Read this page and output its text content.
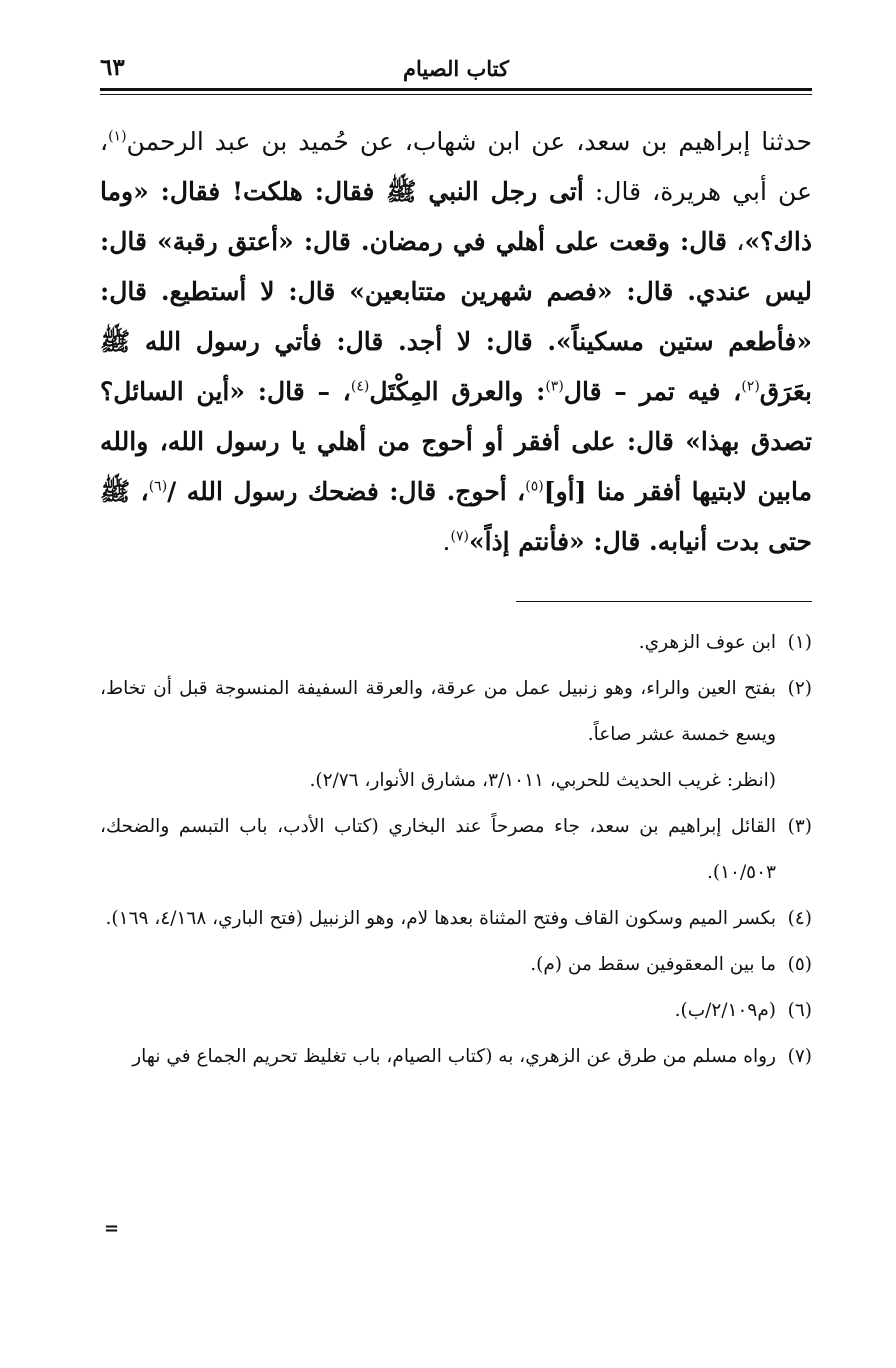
كتاب الصيام
٦٣

حدثنا إبراهيم بن سعد، عن ابن شهاب، عن حُميد بن عبد الرحمن$^{(١)}$، عن أبي هريرة، قال: أتى رجل النبي ﷺ فقال: هلكت! فقال: «وما ذاك؟»، قال: وقعت على أهلي في رمضان. قال: «أعتق رقبة» قال: ليس عندي. قال: «فصم شهرين متتابعين» قال: لا أستطيع. قال: «فأطعم ستين مسكيناً». قال: لا أجد. قال: فأتي رسول الله ﷺ بعَرَق$^{(٢)}$، فيه تمر – قال$^{(٣)}$: والعرق المِكْتَل$^{(٤)}$، – قال: «أين السائل؟ تصدق بهذا» قال: على أفقر أو أحوج من أهلي يا رسول الله، والله مابين لابتيها أفقر منا [أو]$^{(٥)}$، أحوج. قال: فضحك رسول الله /$^{(٦)}$، ﷺ حتى بدت أنيابه. قال: «فأنتم إذاً»$^{(٧)}$.

(١)
ابن عوف الزهري.
(٢)
بفتح العين والراء، وهو زنبيل عمل من عرقة، والعرقة السفيفة المنسوجة قبل أن تخاط، ويسع خمسة عشر صاعاً.
(انظر: غريب الحديث للحربي، ٣/١٠١١، مشارق الأنوار، ٢/٧٦).
(٣)
القائل إبراهيم بن سعد، جاء مصرحاً عند البخاري (كتاب الأدب، باب التبسم والضحك، ١٠/٥٠٣).
(٤)
بكسر الميم وسكون القاف وفتح المثناة بعدها لام، وهو الزنبيل (فتح الباري، ٤/١٦٨، ١٦٩).
(٥)
ما بين المعقوفين سقط من (م).
(٦)
(م٢/١٠٩/ب).
(٧)
رواه مسلم من طرق عن الزهري، به (كتاب الصيام، باب تغليظ تحريم الجماع في نهار
=
